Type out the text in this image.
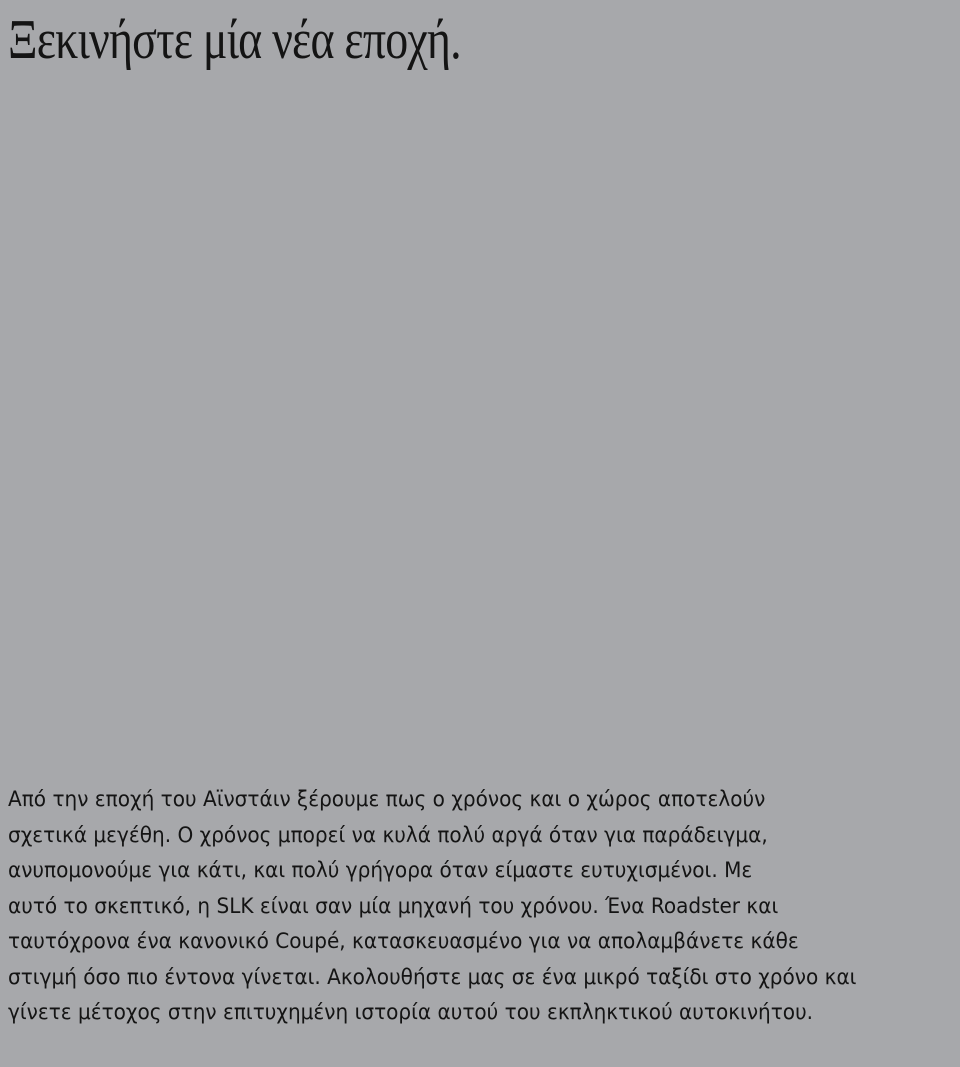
Ξεκινήστε μία νέα εποχή.
Από την εποχή του Αϊνστάιν ξέρουμε πως ο χρόνος και ο χώρος αποτελούν
σχετικά μεγέθη. Ο χρόνος μπορεί να κυλά πολύ αργά όταν για παράδειγμα,
ανυπομονούμε για κάτι, και πολύ γρήγορα όταν είμαστε ευτυχισμένοι. Με
αυτό το σκεπτικό, η SLK είναι σαν μία μηχανή του χρόνου. Ένα Roadster και
ταυτόχρονα ένα κανονικό Coupé, κατασκευασμένο για να απολαμβάνετε κάθε
στιγμή όσο πιο έντονα γίνεται. Ακολουθήστε μας σε ένα μικρό ταξίδι στο χρόνο και
γίνετε μέτοχος στην επιτυχημένη ιστορία αυτού του εκπληκτικού αυτοκινήτου.
